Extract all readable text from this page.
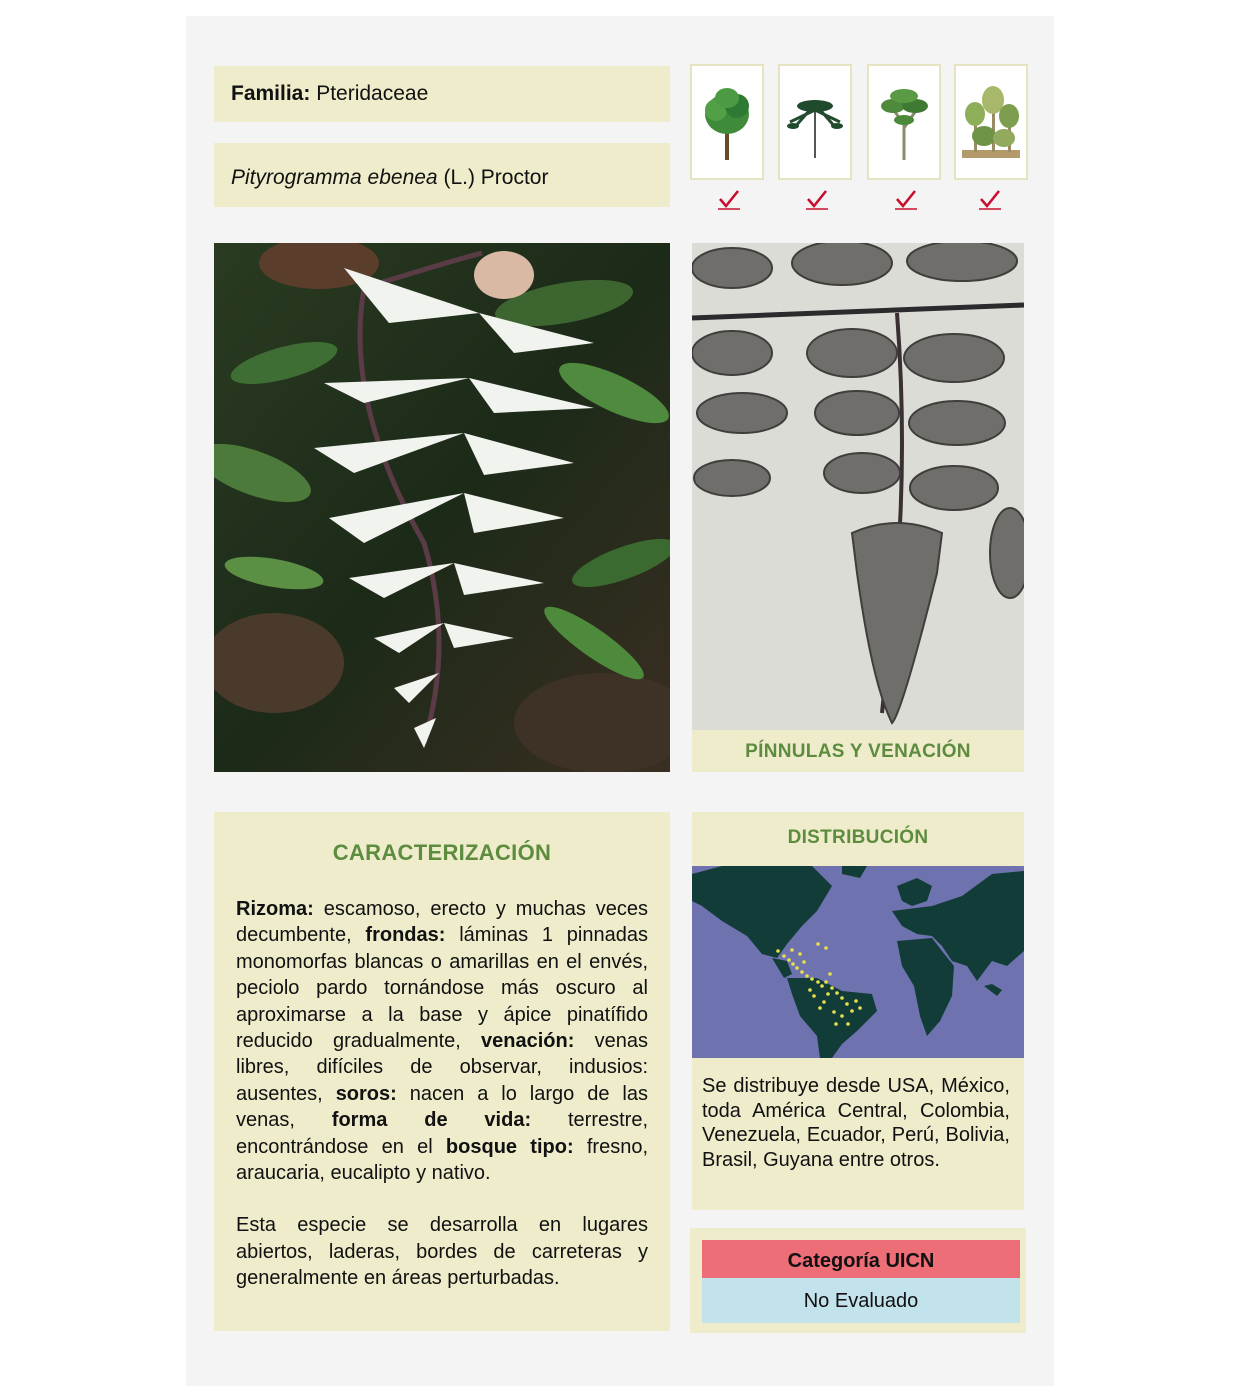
Familia: Pteridaceae
Pityrogramma ebenea (L.) Proctor
PÍNNULAS Y VENACIÓN
CARACTERIZACIÓN

Rizoma: escamoso, erecto y muchas veces decumbente, frondas: láminas 1 pinnadas monomorfas blancas o amarillas en el envés, peciolo pardo tornándose más oscuro al aproximarse a la base y ápice pinatífido reducido gradualmente, venación: venas libres, difíciles de observar, indusios: ausentes, soros: nacen a lo largo de las venas, forma de vida: terrestre, encontrándose en el bosque tipo: fresno, araucaria, eucalipto y nativo.

Esta especie se desarrolla en lugares abiertos, laderas, bordes de carreteras y generalmente en áreas perturbadas.

DISTRIBUCIÓN

Se distribuye desde USA, México, toda América Central, Colombia, Venezuela, Ecuador, Perú, Bolivia, Brasil, Guyana entre otros.

Categoría UICN
No Evaluado
